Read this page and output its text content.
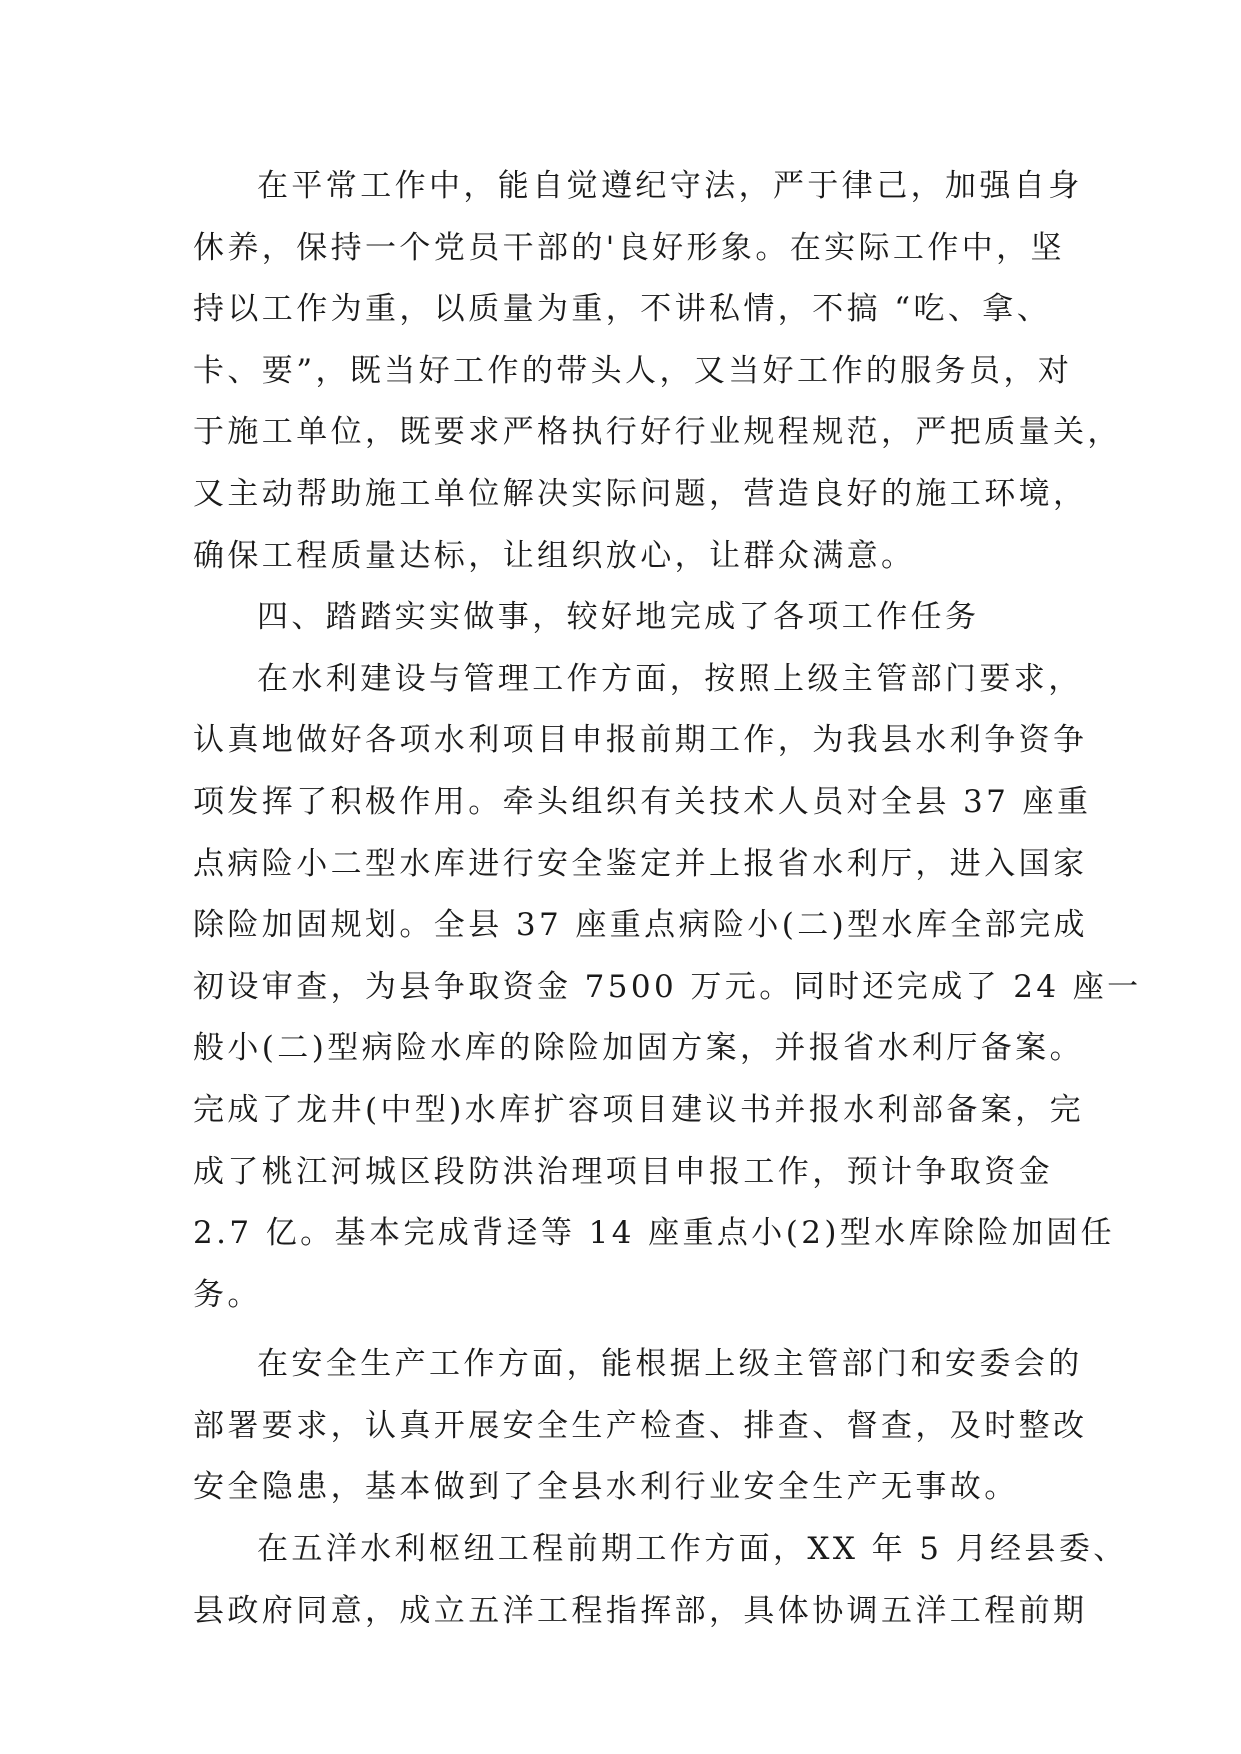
在平常工作中，能自觉遵纪守法，严于律己，加强自身
休养，保持一个党员干部的'良好形象。在实际工作中，坚
持以工作为重，以质量为重，不讲私情，不搞 “吃、拿、
卡、要”，既当好工作的带头人，又当好工作的服务员，对
于施工单位，既要求严格执行好行业规程规范，严把质量关，
又主动帮助施工单位解决实际问题，营造良好的施工环境，
确保工程质量达标，让组织放心，让群众满意。
四、踏踏实实做事，较好地完成了各项工作任务
在水利建设与管理工作方面，按照上级主管部门要求，
认真地做好各项水利项目申报前期工作，为我县水利争资争
项发挥了积极作用。牵头组织有关技术人员对全县 37 座重
点病险小二型水库进行安全鉴定并上报省水利厅，进入国家
除险加固规划。全县 37 座重点病险小(二)型水库全部完成
初设审查，为县争取资金 7500 万元。同时还完成了 24 座一
般小(二)型病险水库的除险加固方案，并报省水利厅备案。
完成了龙井(中型)水库扩容项目建议书并报水利部备案，完
成了桃江河城区段防洪治理项目申报工作，预计争取资金
2.7 亿。基本完成背迳等 14 座重点小(2)型水库除险加固任
务。
在安全生产工作方面，能根据上级主管部门和安委会的
部署要求，认真开展安全生产检查、排查、督查，及时整改
安全隐患，基本做到了全县水利行业安全生产无事故。
在五洋水利枢纽工程前期工作方面，XX 年 5 月经县委、
县政府同意，成立五洋工程指挥部，具体协调五洋工程前期
